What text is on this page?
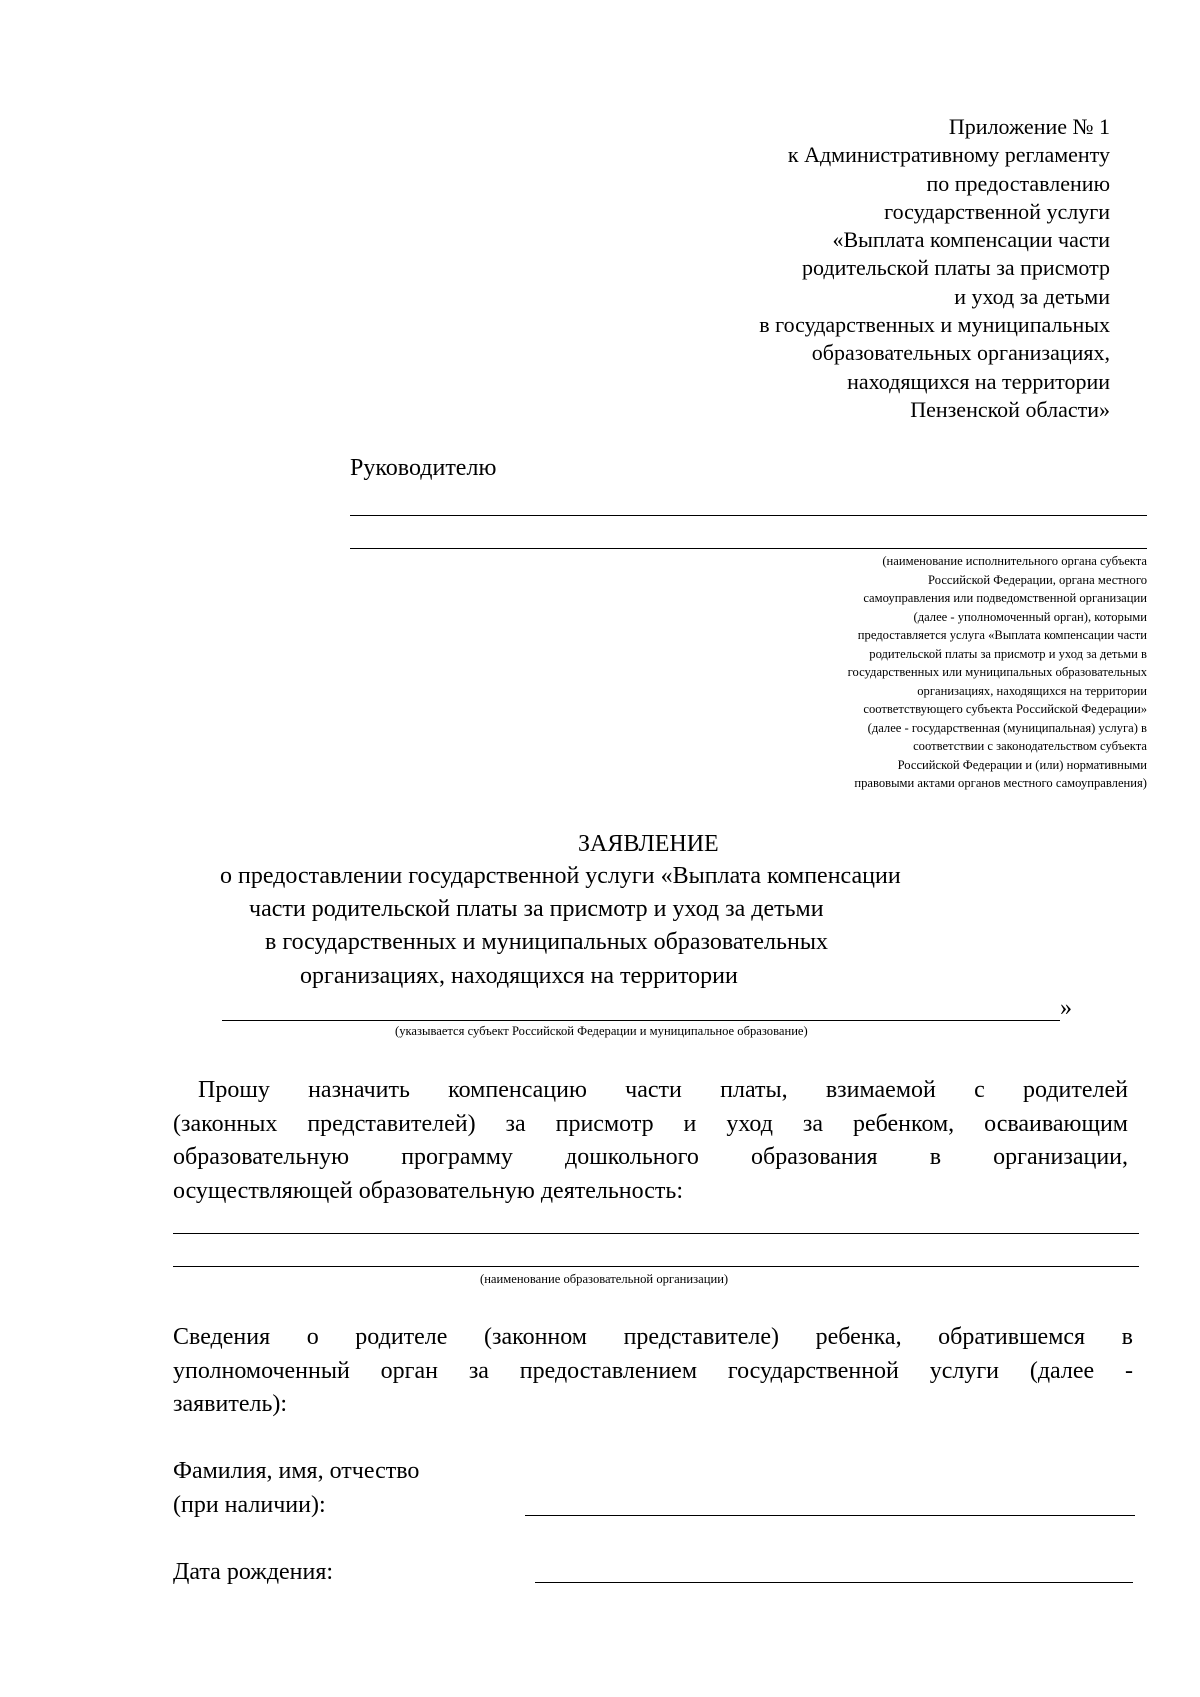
Приложение № 1
к Административному регламенту
по предоставлению
государственной услуги
«Выплата компенсации части
родительской платы за присмотр
и уход за детьми
в государственных и муниципальных
образовательных организациях,
находящихся на территории
Пензенской области»
Руководителю
(наименование исполнительного органа субъекта
Российской Федерации, органа местного
самоуправления или подведомственной организации
(далее - уполномоченный орган), которыми
предоставляется услуга «Выплата компенсации части
родительской платы за присмотр и уход за детьми в
государственных или муниципальных образовательных
организациях, находящихся на территории
соответствующего субъекта Российской Федерации»
(далее - государственная (муниципальная) услуга) в
соответствии с законодательством субъекта
Российской Федерации и (или) нормативными
правовыми актами органов местного самоуправления)
ЗАЯВЛЕНИЕ
о предоставлении государственной услуги «Выплата компенсации
части родительской платы за присмотр и уход за детьми
в государственных и муниципальных образовательных
организациях, находящихся на территории
»
(указывается субъект Российской Федерации и муниципальное образование)
Прошу назначить компенсацию части платы, взимаемой с родителей
(законных представителей) за присмотр и уход за ребенком, осваивающим
образовательную программу дошкольного образования в организации,
осуществляющей образовательную деятельность:
(наименование образовательной организации)
Сведения о родителе (законном представителе) ребенка, обратившемся в
уполномоченный орган за предоставлением государственной услуги (далее -
заявитель):
Фамилия, имя, отчество
(при наличии):
Дата рождения:
